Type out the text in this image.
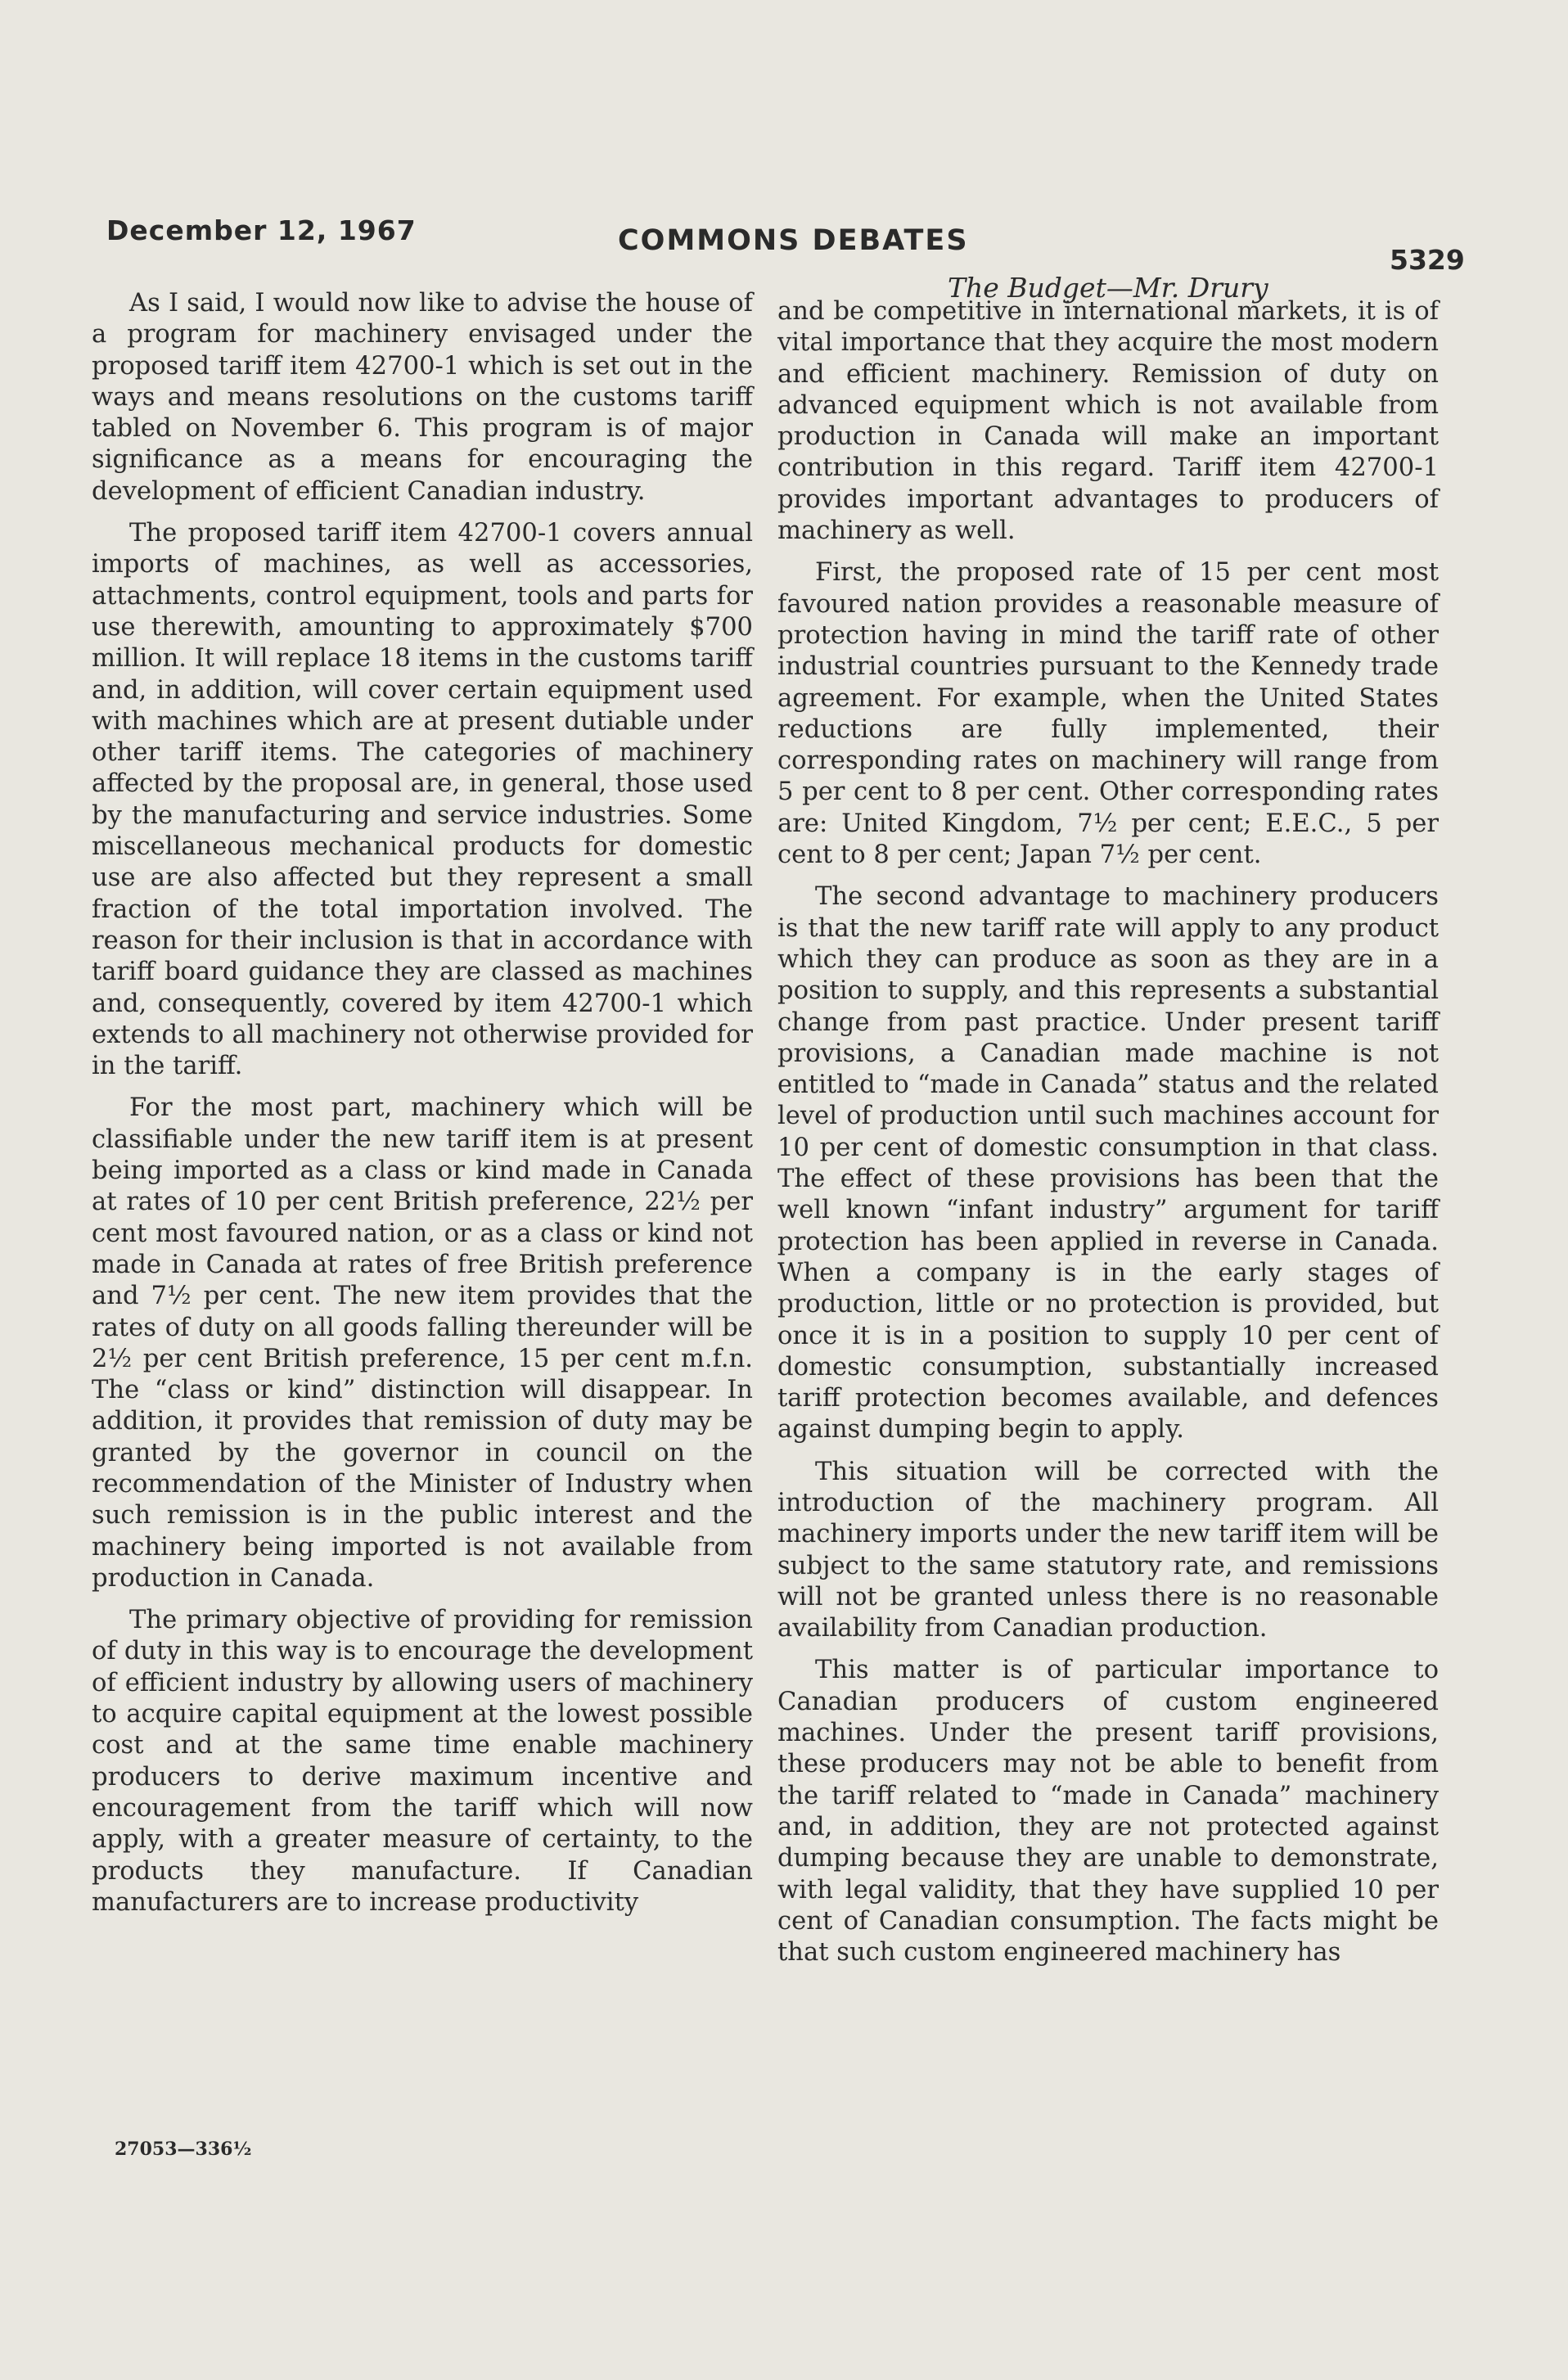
December 12, 1967	COMMONS DEBATES
5329
The Budget—Mr. Drury

As I said, I would now like to advise the house of a program for machinery envisaged under the proposed tariff item 42700-1 which is set out in the ways and means resolutions on the customs tariff tabled on November 6. This program is of major significance as a means for encouraging the development of efficient Canadian industry.

The proposed tariff item 42700-1 covers annual imports of machines, as well as accessories, attachments, control equipment, tools and parts for use therewith, amounting to approximately $700 million. It will replace 18 items in the customs tariff and, in addition, will cover certain equipment used with machines which are at present dutiable under other tariff items. The categories of machinery affected by the proposal are, in general, those used by the manufacturing and service industries. Some miscellaneous mechanical products for domestic use are also affected but they represent a small fraction of the total importation involved. The reason for their inclusion is that in accordance with tariff board guidance they are classed as machines and, consequently, covered by item 42700-1 which extends to all machinery not otherwise provided for in the tariff.

For the most part, machinery which will be classifiable under the new tariff item is at present being imported as a class or kind made in Canada at rates of 10 per cent British preference, 22½ per cent most favoured nation, or as a class or kind not made in Canada at rates of free British preference and 7½ per cent. The new item provides that the rates of duty on all goods falling thereunder will be 2½ per cent British preference, 15 per cent m.f.n. The “class or kind” distinction will disappear. In addition, it provides that remission of duty may be granted by the governor in council on the recommendation of the Minister of Industry when such remission is in the public interest and the machinery being imported is not available from production in Canada.

The primary objective of providing for remission of duty in this way is to encourage the development of efficient industry by allowing users of machinery to acquire capital equipment at the lowest possible cost and at the same time enable machinery producers to derive maximum incentive and encouragement from the tariff which will now apply, with a greater measure of certainty, to the products they manufacture. If Canadian manufacturers are to increase productivity

and be competitive in international markets, it is of vital importance that they acquire the most modern and efficient machinery. Remission of duty on advanced equipment which is not available from production in Canada will make an important contribution in this regard. Tariff item 42700-1 provides important advantages to producers of machinery as well.

First, the proposed rate of 15 per cent most favoured nation provides a reasonable measure of protection having in mind the tariff rate of other industrial countries pursuant to the Kennedy trade agreement. For example, when the United States reductions are fully implemented, their corresponding rates on machinery will range from 5 per cent to 8 per cent. Other corresponding rates are: United Kingdom, 7½ per cent; E.E.C., 5 per cent to 8 per cent; Japan 7½ per cent.

The second advantage to machinery producers is that the new tariff rate will apply to any product which they can produce as soon as they are in a position to supply, and this represents a substantial change from past practice. Under present tariff provisions, a Canadian made machine is not entitled to “made in Canada” status and the related level of production until such machines account for 10 per cent of domestic consumption in that class. The effect of these provisions has been that the well known “infant industry” argument for tariff protection has been applied in reverse in Canada. When a company is in the early stages of production, little or no protection is provided, but once it is in a position to supply 10 per cent of domestic consumption, substantially increased tariff protection becomes available, and defences against dumping begin to apply.

This situation will be corrected with the introduction of the machinery program. All machinery imports under the new tariff item will be subject to the same statutory rate, and remissions will not be granted unless there is no reasonable availability from Canadian production.

This matter is of particular importance to Canadian producers of custom engineered machines. Under the present tariff provisions, these producers may not be able to benefit from the tariff related to “made in Canada” machinery and, in addition, they are not protected against dumping because they are unable to demonstrate, with legal validity, that they have supplied 10 per cent of Canadian consumption. The facts might be that such custom engineered machinery has

27053—336½
